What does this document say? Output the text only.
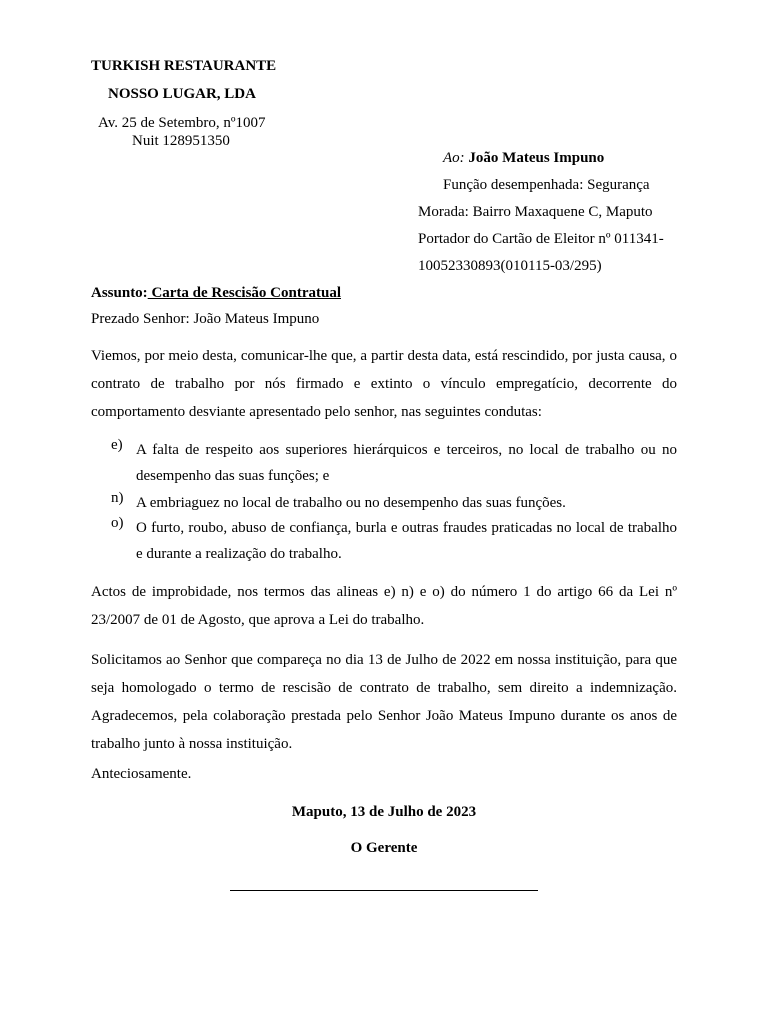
TURKISH RESTAURANTE
NOSSO LUGAR, LDA
Av. 25 de Setembro, nº1007
Nuit 128951350
Ao: João Mateus Impuno
Função desempenhada: Segurança
Morada: Bairro Maxaquene C, Maputo
Portador do Cartão de Eleitor nº 011341-
10052330893(010115-03/295)
Assunto: Carta de Rescisão Contratual
Prezado Senhor: João Mateus Impuno

Viemos, por meio desta, comunicar-lhe que, a partir desta data, está rescindido, por justa causa, o contrato de trabalho por nós firmado e extinto o vínculo empregatício, decorrente do comportamento desviante apresentado pelo senhor, nas seguintes condutas:

e) A falta de respeito aos superiores hierárquicos e terceiros, no local de trabalho ou no desempenho das suas funções; e

n) A embriaguez no local de trabalho ou no desempenho das suas funções.

o) O furto, roubo, abuso de confiança, burla e outras fraudes praticadas no local de trabalho e durante a realização do trabalho.

Actos de improbidade, nos termos das alineas e) n) e o) do número 1 do artigo 66 da Lei nº 23/2007 de 01 de Agosto, que aprova a Lei do trabalho.

Solicitamos ao Senhor que compareça no dia 13 de Julho de 2022 em nossa instituição, para que seja homologado o termo de rescisão de contrato de trabalho, sem direito a indemnização. Agradecemos, pela colaboração prestada pelo Senhor João Mateus Impuno durante os anos de trabalho junto à nossa instituição.

Anteciosamente.
Maputo, 13 de Julho de 2023
O Gerente
